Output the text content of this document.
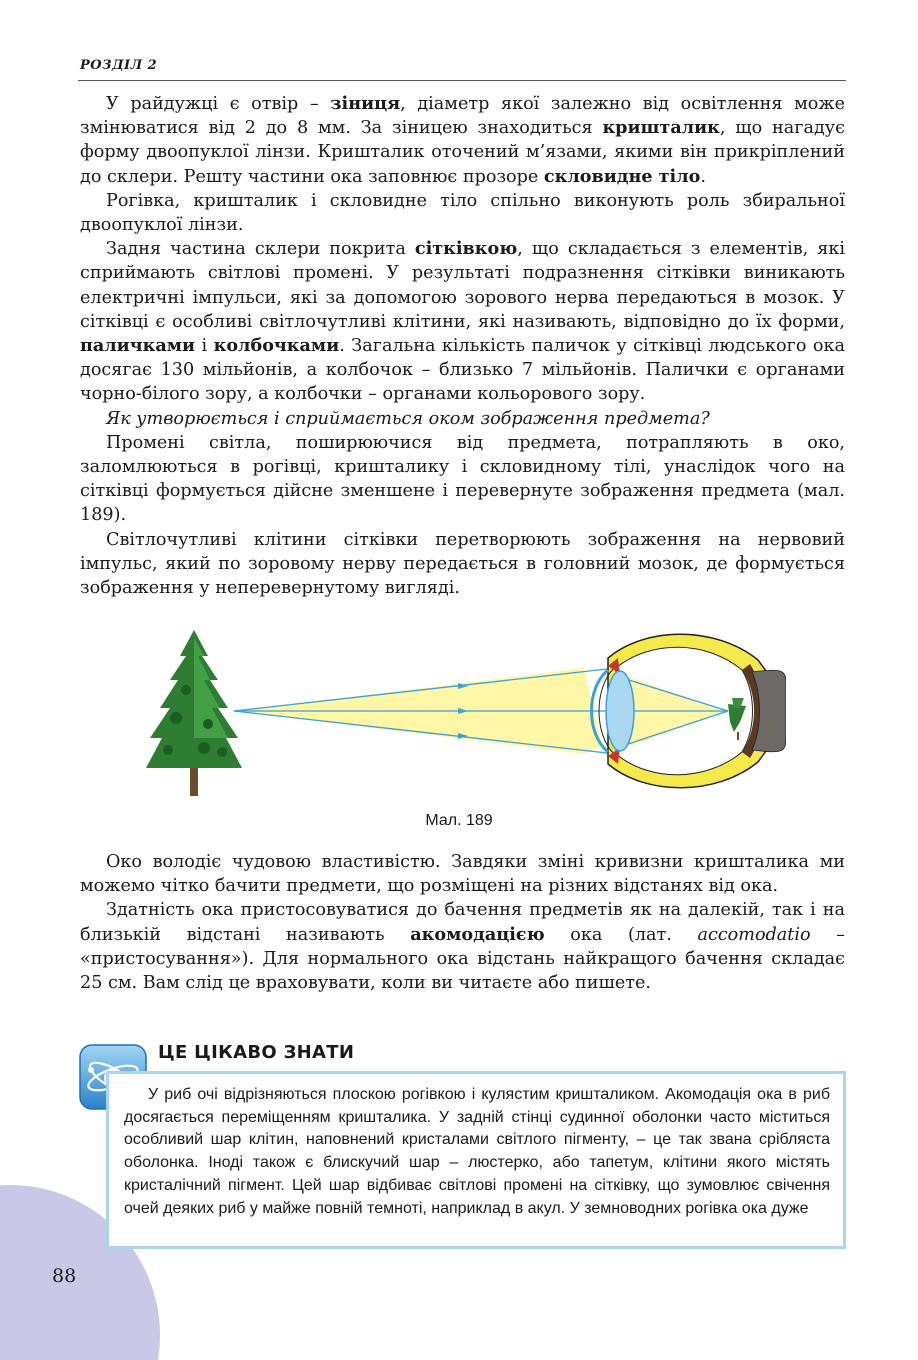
РОЗДІЛ 2

У райдужці є отвір – зіниця, діаметр якої залежно від освітлення може змінюватися від 2 до 8 мм. За зіницею знаходиться кришталик, що нагадує форму двоопуклої лінзи. Кришталик оточений м’язами, якими він прикріплений до склери. Решту частини ока заповнює прозоре скловидне тіло.

Рогівка, кришталик і скловидне тіло спільно виконують роль збиральної двоопуклої лінзи.

Задня частина склери покрита сітківкою, що складається з елементів, які сприймають світлові промені. У результаті подразнення сітківки виникають електричні імпульси, які за допомогою зорового нерва передаються в мозок. У сітківці є особливі світлочутливі клітини, які називають, відповідно до їх форми, паличками і колбочками. Загальна кількість паличок у сітківці людського ока досягає 130 мільйонів, а колбочок – близько 7 мільйонів. Палички є органами чорно-білого зору, а колбочки – органами кольорового зору.

Як утворюється і сприймається оком зображення предмета?

Промені світла, поширюючися від предмета, потрапляють в око, заломлюються в рогівці, кришталику і скловидному тілі, унаслідок чого на сітківці формується дійсне зменшене і перевернуте зображення предмета (мал. 189).

Світлочутливі клітини сітківки перетворюють зображення на нервовий імпульс, який по зоровому нерву передається в головний мозок, де формується зображення у неперевернутому вигляді.

Мал. 189

Око володіє чудовою властивістю. Завдяки зміні кривизни кришталика ми можемо чітко бачити предмети, що розміщені на різних відстанях від ока.

Здатність ока пристосовуватися до бачення предметів як на далекій, так і на близькій відстані називають акомодацією ока (лат. accomodatio – «пристосування»). Для нормального ока відстань найкращого бачення складає 25 см. Вам слід це враховувати, коли ви читаєте або пишете.

ЦЕ ЦІКАВО ЗНАТИ

У риб очі відрізняються плоскою рогівкою і кулястим кришталиком. Акомодація ока в риб досягається переміщенням кришталика. У задній стінці судинної оболонки часто міститься особливий шар клітин, наповнений кристалами світлого пігменту, – це так звана срібляста оболонка. Іноді також є блискучий шар – люстерко, або тапетум, клітини якого містять кристалічний пігмент. Цей шар відбиває світлові промені на сітківку, що зумовлює свічення очей деяких риб у майже повній темноті, наприклад в акул. У земноводних рогівка ока дуже

88
